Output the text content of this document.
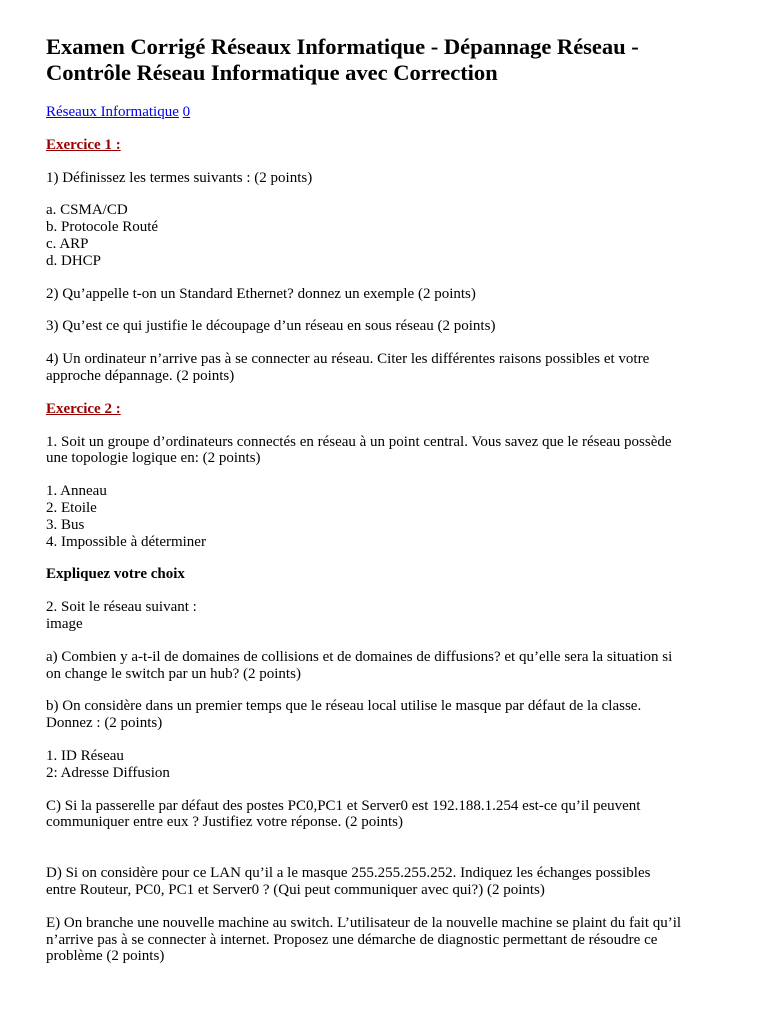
Examen Corrigé Réseaux Informatique - Dépannage Réseau -
Contrôle Réseau Informatique avec Correction
Réseaux Informatique 0
Exercice 1 :

1) Définissez les termes suivants : (2 points)

a. CSMA/CD
b. Protocole Routé
c. ARP
d. DHCP

2) Qu’appelle t-on un Standard Ethernet? donnez un exemple (2 points)

3) Qu’est ce qui justifie le découpage d’un réseau en sous réseau (2 points)

4) Un ordinateur n’arrive pas à se connecter au réseau. Citer les différentes raisons possibles et votre
approche dépannage. (2 points)

Exercice 2 :

1. Soit un groupe d’ordinateurs connectés en réseau à un point central. Vous savez que le réseau possède
une topologie logique en: (2 points)

1. Anneau
2. Etoile
3. Bus
4. Impossible à déterminer

Expliquez votre choix

2. Soit le réseau suivant :
image

a) Combien y a-t-il de domaines de collisions et de domaines de diffusions? et qu’elle sera la situation si
on change le switch par un hub? (2 points)

b) On considère dans un premier temps que le réseau local utilise le masque par défaut de la classe.
Donnez : (2 points)

1. ID Réseau
2: Adresse Diffusion

C) Si la passerelle par défaut des postes PC0,PC1 et Server0 est 192.188.1.254 est-ce qu’il peuvent
communiquer entre eux ? Justifiez votre réponse. (2 points)

D) Si on considère pour ce LAN qu’il a le masque 255.255.255.252. Indiquez les échanges possibles
entre Routeur, PC0, PC1 et Server0 ? (Qui peut communiquer avec qui?) (2 points)

E) On branche une nouvelle machine au switch. L’utilisateur de la nouvelle machine se plaint du fait qu’il
n’arrive pas à se connecter à internet. Proposez une démarche de diagnostic permettant de résoudre ce
problème (2 points)
